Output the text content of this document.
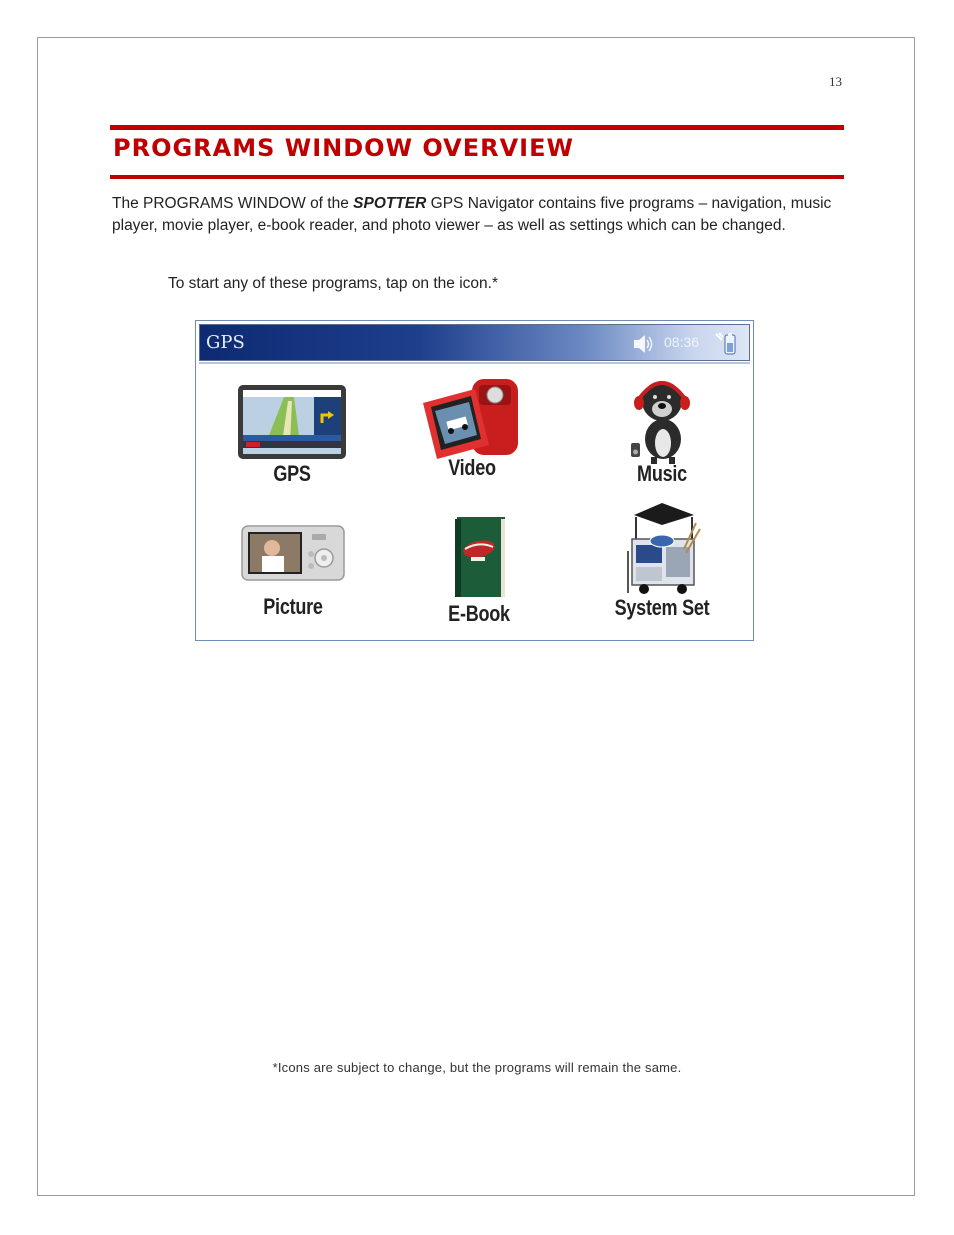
13
PROGRAMS WINDOW OVERVIEW

The PROGRAMS WINDOW of the SPOTTER GPS Navigator contains five programs – navigation, music player, movie player, e-book reader, and photo viewer – as well as settings which can be changed.

To start any of these programs, tap on the icon.*

GPS	08:36
GPS	Video	Music
Picture	E-Book	System Set

*Icons are subject to change, but the programs will remain the same.
